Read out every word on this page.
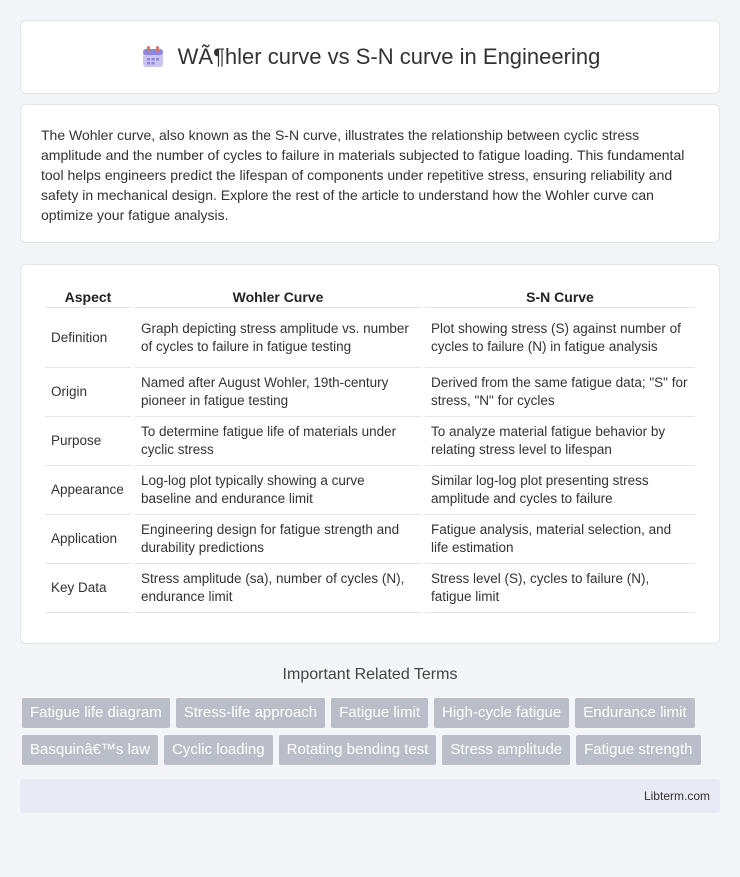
WÃ¶hler curve vs S-N curve in Engineering

The Wohler curve, also known as the S-N curve, illustrates the relationship between cyclic stress amplitude and the number of cycles to failure in materials subjected to fatigue loading. This fundamental tool helps engineers predict the lifespan of components under repetitive stress, ensuring reliability and safety in mechanical design. Explore the rest of the article to understand how the Wohler curve can optimize your fatigue analysis.

Aspect	Wohler Curve	S-N Curve
Definition	Graph depicting stress amplitude vs. number of cycles to failure in fatigue testing	Plot showing stress (S) against number of cycles to failure (N) in fatigue analysis
Origin	Named after August Wohler, 19th-century pioneer in fatigue testing	Derived from the same fatigue data; "S" for stress, "N" for cycles
Purpose	To determine fatigue life of materials under cyclic stress	To analyze material fatigue behavior by relating stress level to lifespan
Appearance	Log-log plot typically showing a curve baseline and endurance limit	Similar log-log plot presenting stress amplitude and cycles to failure
Application	Engineering design for fatigue strength and durability predictions	Fatigue analysis, material selection, and life estimation
Key Data	Stress amplitude (sa), number of cycles (N), endurance limit	Stress level (S), cycles to failure (N), fatigue limit
Important Related Terms
Fatigue life diagram	Stress-life approach	Fatigue limit	High-cycle fatigue	Endurance limit
Basquinâ€™s law	Cyclic loading	Rotating bending test	Stress amplitude	Fatigue strength
Libterm.com
